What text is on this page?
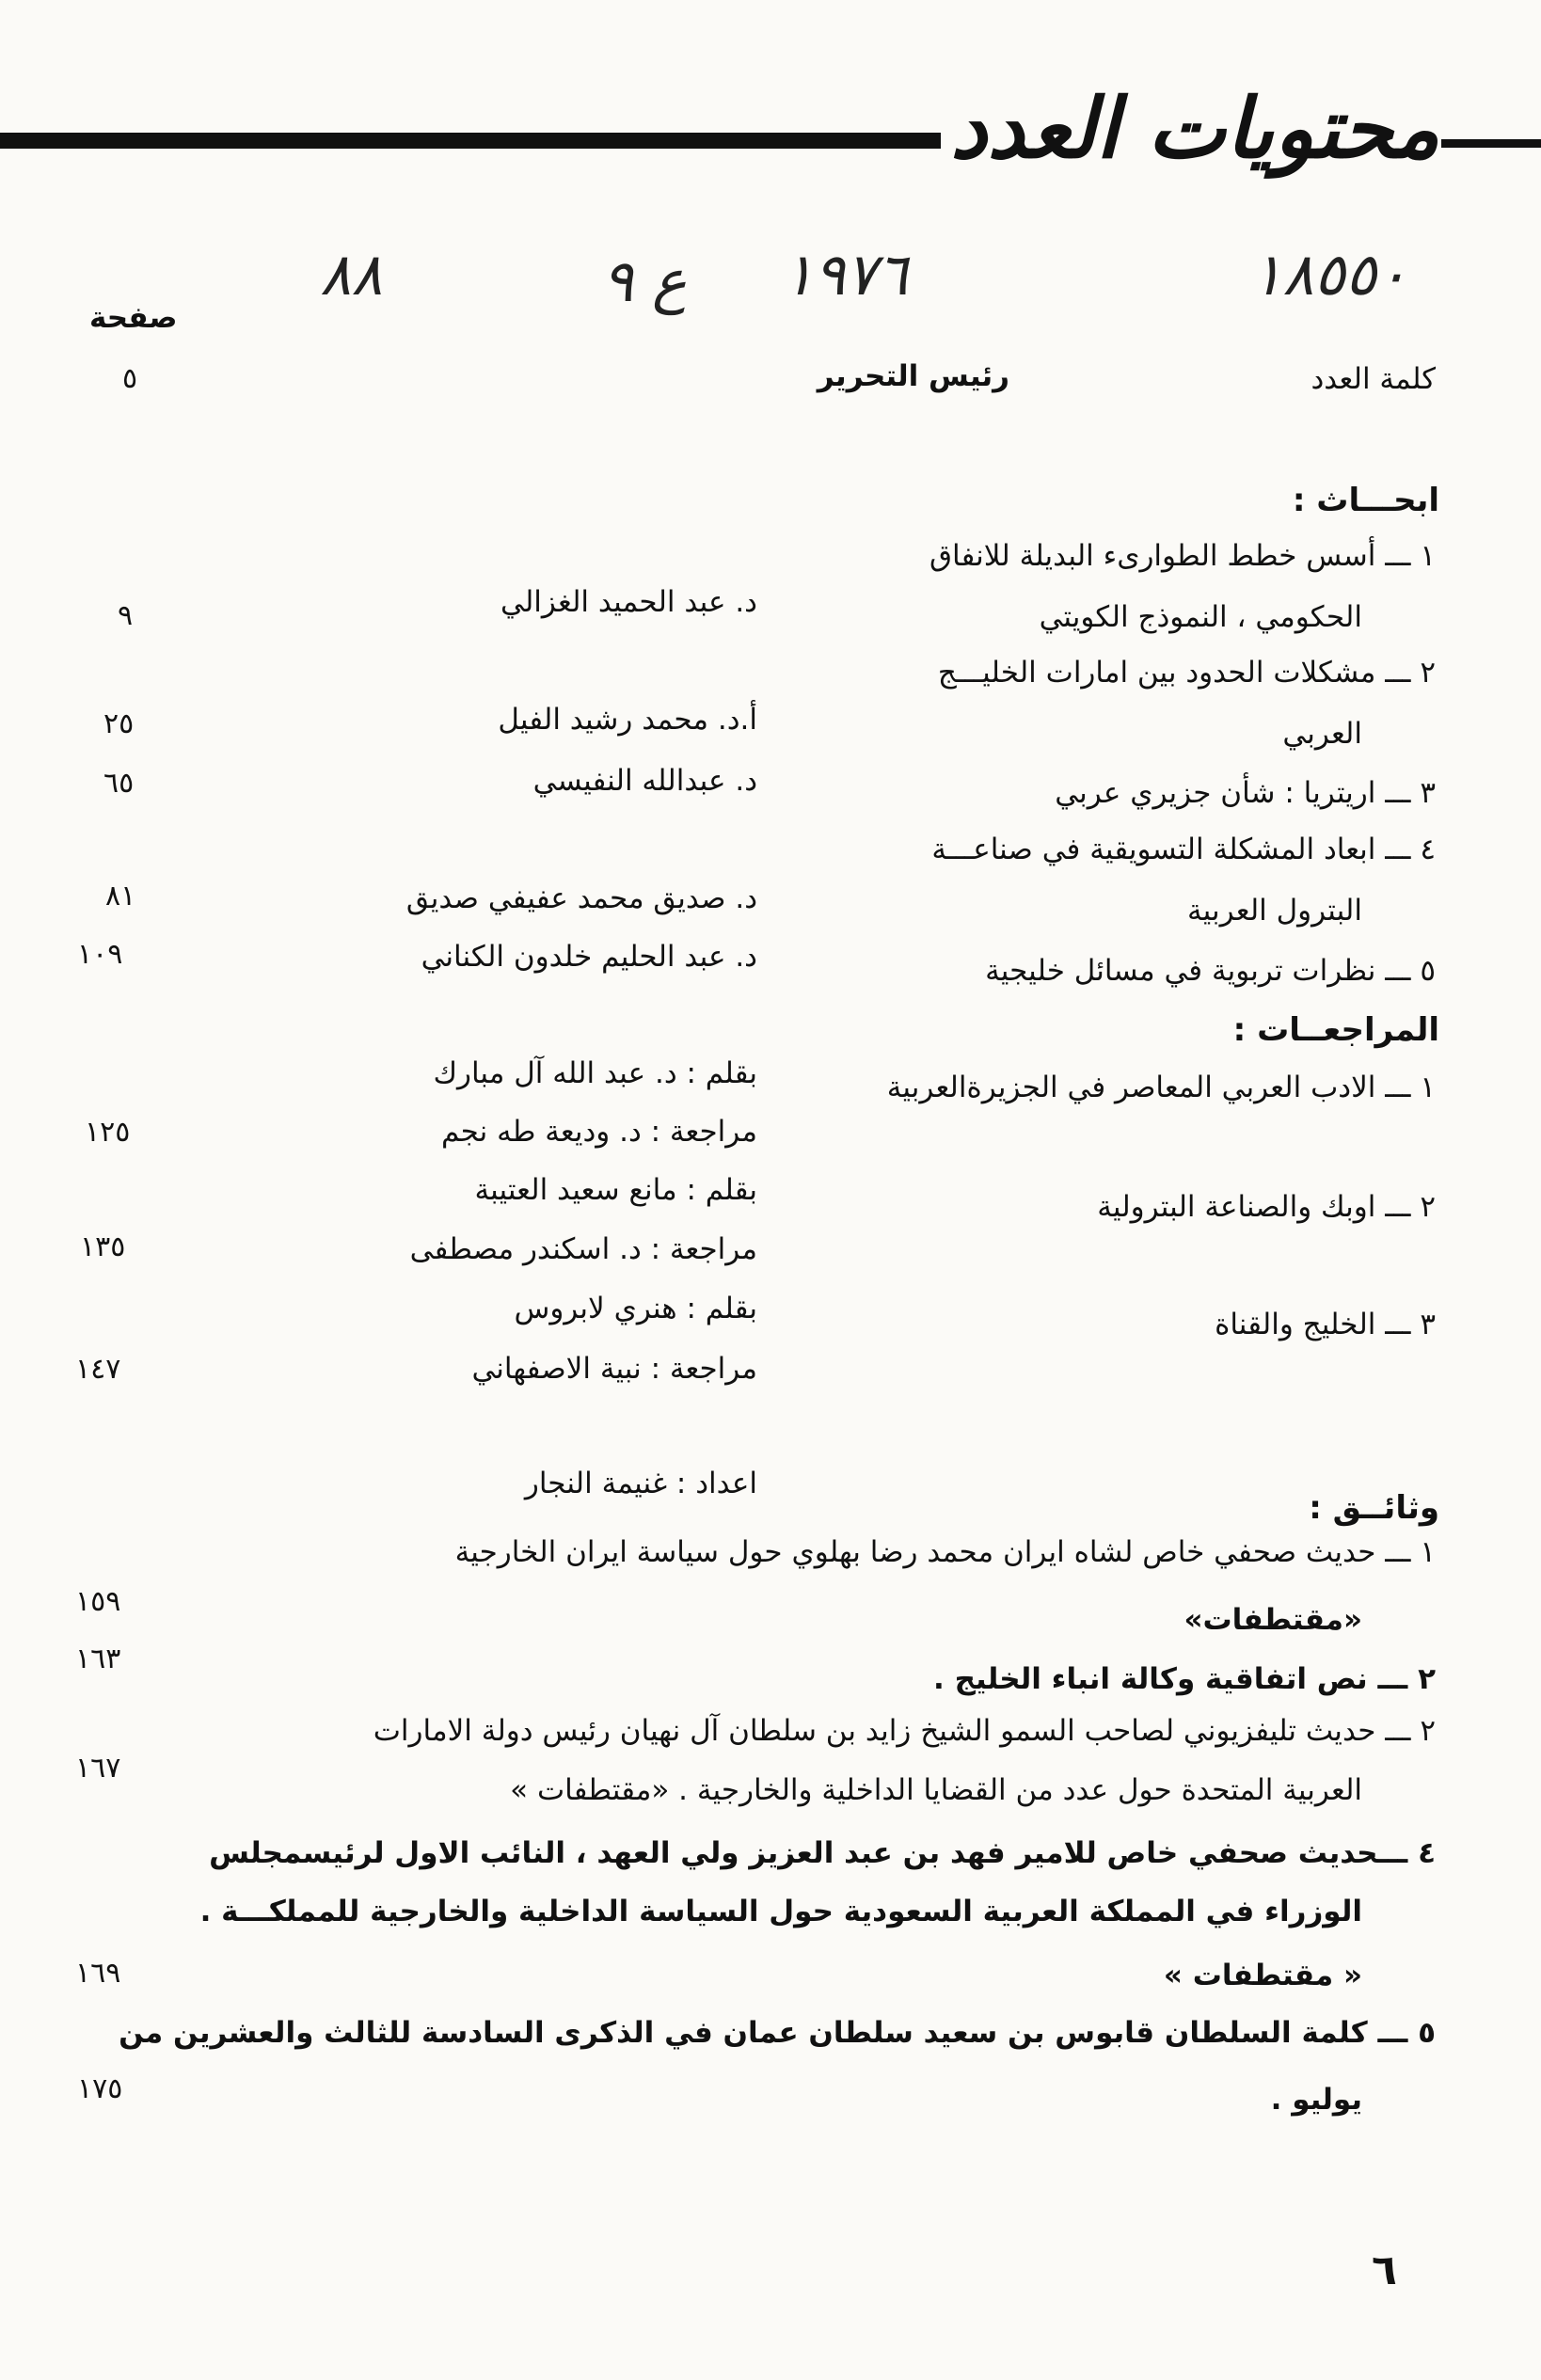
محتويات العدد
١٨٥٥٠
١٩٧٦
ع ٩
٨٨
صفحة
كلمة العدد
رئيس التحرير
٥
ابحـــاث :
١ ـــ أسس خطط الطوارىء البديلة للانفاق
الحكومي ، النموذج الكويتي
د. عبد الحميد الغزالي
٩
٢ ـــ مشكلات الحدود بين امارات الخليـــج
العربي
أ.د. محمد رشيد الفيل
٢٥
٣ ـــ اريتريا : شأن جزيري عربي
د. عبدالله النفيسي
٦٥
٤ ـــ ابعاد المشكلة التسويقية في صناعـــة
البترول العربية
د. صديق محمد عفيفي صديق
٨١
٥ ـــ نظرات تربوية في مسائل خليجية
د. عبد الحليم خلدون الكناني
١٠٩
المراجعــات :
١ ـــ الادب العربي المعاصر في الجزيرةالعربية
بقلم : د. عبد الله آل مبارك
مراجعة : د. وديعة طه نجم
١٢٥
٢ ـــ اوبك والصناعة البترولية
بقلم : مانع سعيد العتيبة
مراجعة : د. اسكندر مصطفى
١٣٥
٣ ـــ الخليج والقناة
بقلم : هنري لابروس
مراجعة : نبية الاصفهاني
١٤٧
اعداد : غنيمة النجار
وثائــق :
١ ـــ حديث صحفي خاص لشاه ايران محمد رضا بهلوي حول سياسة ايران الخارجية
«مقتطفات»
١٥٩
٢ ـــ نص اتفاقية وكالة انباء الخليج .
١٦٣
٢ ـــ حديث تليفزيوني لصاحب السمو الشيخ زايد بن سلطان آل نهيان رئيس دولة الامارات
العربية المتحدة حول عدد من القضايا الداخلية والخارجية . «مقتطفات »
١٦٧
٤ ـــحديث صحفي خاص للامير فهد بن عبد العزيز ولي العهد ، النائب الاول لرئيسمجلس
الوزراء في المملكة العربية السعودية حول السياسة الداخلية والخارجية للمملكـــة .
« مقتطفات »
١٦٩
٥ ـــ كلمة السلطان قابوس بن سعيد سلطان عمان في الذكرى السادسة للثالث والعشرين من
يوليو .
١٧٥
٦
